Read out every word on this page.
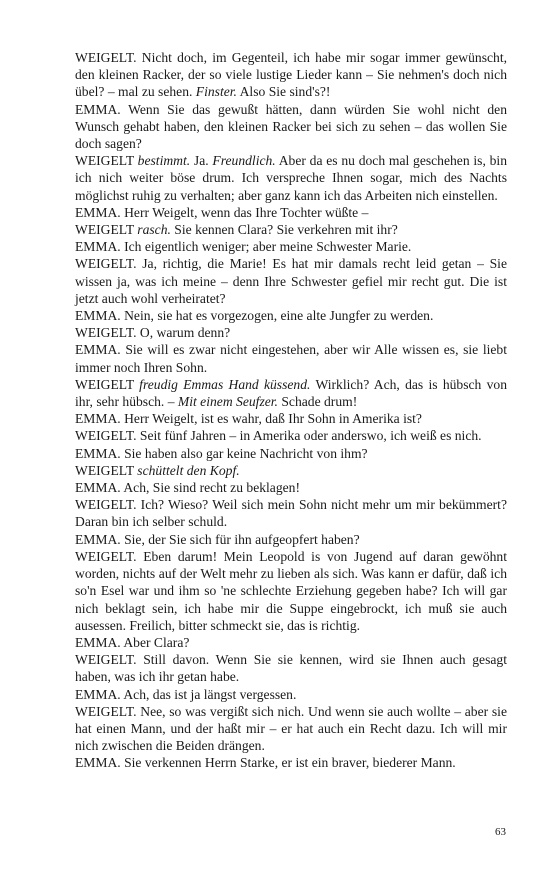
WEIGELT. Nicht doch, im Gegenteil, ich habe mir sogar immer gewünscht, den kleinen Racker, der so viele lustige Lieder kann – Sie nehmen's doch nich übel? – mal zu sehen. Finster. Also Sie sind's?!

EMMA. Wenn Sie das gewußt hätten, dann würden Sie wohl nicht den Wunsch gehabt haben, den kleinen Racker bei sich zu sehen – das wollen Sie doch sagen?

WEIGELT bestimmt. Ja. Freundlich. Aber da es nu doch mal geschehen is, bin ich nich weiter böse drum. Ich verspreche Ihnen sogar, mich des Nachts möglichst ruhig zu verhalten; aber ganz kann ich das Arbeiten nich einstellen.

EMMA. Herr Weigelt, wenn das Ihre Tochter wüßte –

WEIGELT rasch. Sie kennen Clara? Sie verkehren mit ihr?

EMMA. Ich eigentlich weniger; aber meine Schwester Marie.

WEIGELT. Ja, richtig, die Marie! Es hat mir damals recht leid getan – Sie wissen ja, was ich meine – denn Ihre Schwester gefiel mir recht gut. Die ist jetzt auch wohl verheiratet?

EMMA. Nein, sie hat es vorgezogen, eine alte Jungfer zu werden.

WEIGELT. O, warum denn?

EMMA. Sie will es zwar nicht eingestehen, aber wir Alle wissen es, sie liebt immer noch Ihren Sohn.

WEIGELT freudig Emmas Hand küssend. Wirklich? Ach, das is hübsch von ihr, sehr hübsch. – Mit einem Seufzer. Schade drum!

EMMA. Herr Weigelt, ist es wahr, daß Ihr Sohn in Amerika ist?

WEIGELT. Seit fünf Jahren – in Amerika oder anderswo, ich weiß es nich.

EMMA. Sie haben also gar keine Nachricht von ihm?

WEIGELT schüttelt den Kopf.

EMMA. Ach, Sie sind recht zu beklagen!

WEIGELT. Ich? Wieso? Weil sich mein Sohn nicht mehr um mir bekümmert? Daran bin ich selber schuld.

EMMA. Sie, der Sie sich für ihn aufgeopfert haben?

WEIGELT. Eben darum! Mein Leopold is von Jugend auf daran gewöhnt worden, nichts auf der Welt mehr zu lieben als sich. Was kann er dafür, daß ich so'n Esel war und ihm so 'ne schlechte Erziehung gegeben habe? Ich will gar nich beklagt sein, ich habe mir die Suppe eingebrockt, ich muß sie auch ausessen. Freilich, bitter schmeckt sie, das is richtig.

EMMA. Aber Clara?

WEIGELT. Still davon. Wenn Sie sie kennen, wird sie Ihnen auch gesagt haben, was ich ihr getan habe.

EMMA. Ach, das ist ja längst vergessen.

WEIGELT. Nee, so was vergißt sich nich. Und wenn sie auch wollte – aber sie hat einen Mann, und der haßt mir – er hat auch ein Recht dazu. Ich will mir nich zwischen die Beiden drängen.

EMMA. Sie verkennen Herrn Starke, er ist ein braver, biederer Mann.

63
